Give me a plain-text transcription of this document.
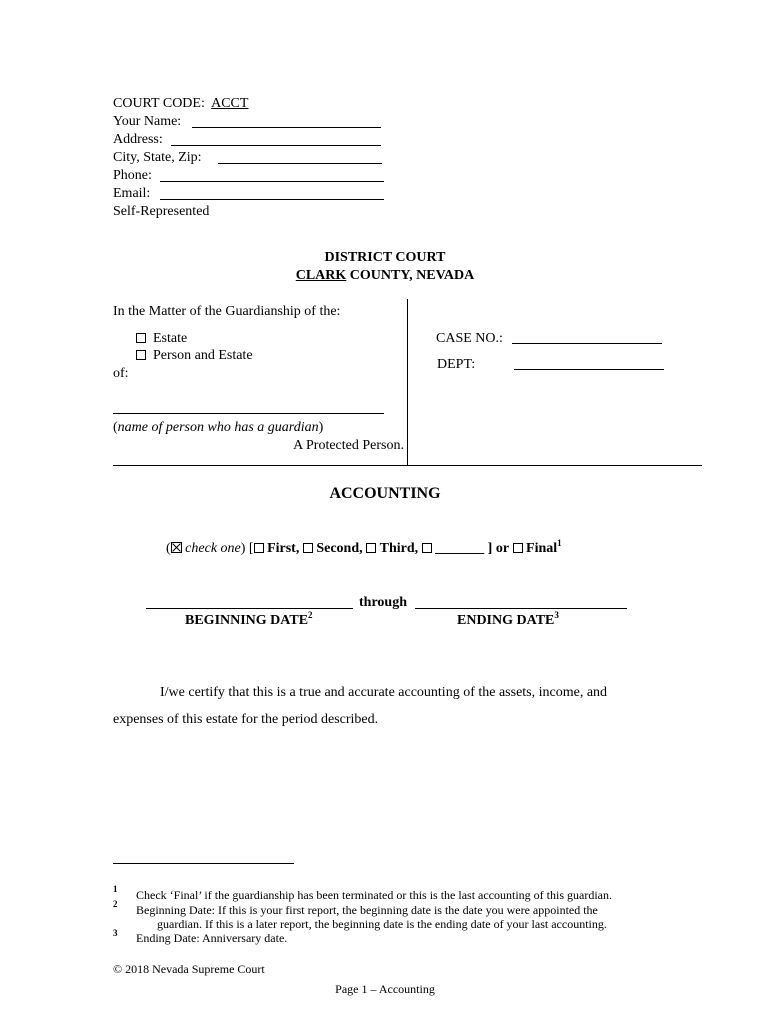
COURT CODE: ACCT
Your Name:
Address:
City, State, Zip:
Phone:
Email:
Self-Represented
DISTRICT COURT
CLARK COUNTY, NEVADA
In the Matter of the Guardianship of the:
Estate
Person and Estate
of:
(name of person who has a guardian)
A Protected Person.
CASE NO.:
DEPT:
ACCOUNTING
( check one) [ First, Second, Third, _______ ] or Final$^1$
through
BEGINNING DATE$^2$	ENDING DATE$^3$
I/we certify that this is a true and accurate accounting of the assets, income, and
expenses of this estate for the period described.
1 Check ‘Final’ if the guardianship has been terminated or this is the last accounting of this guardian.
2 Beginning Date: If this is your first report, the beginning date is the date you were appointed the
guardian. If this is a later report, the beginning date is the ending date of your last accounting.
3 Ending Date: Anniversary date.
© 2018 Nevada Supreme Court
Page 1 – Accounting
